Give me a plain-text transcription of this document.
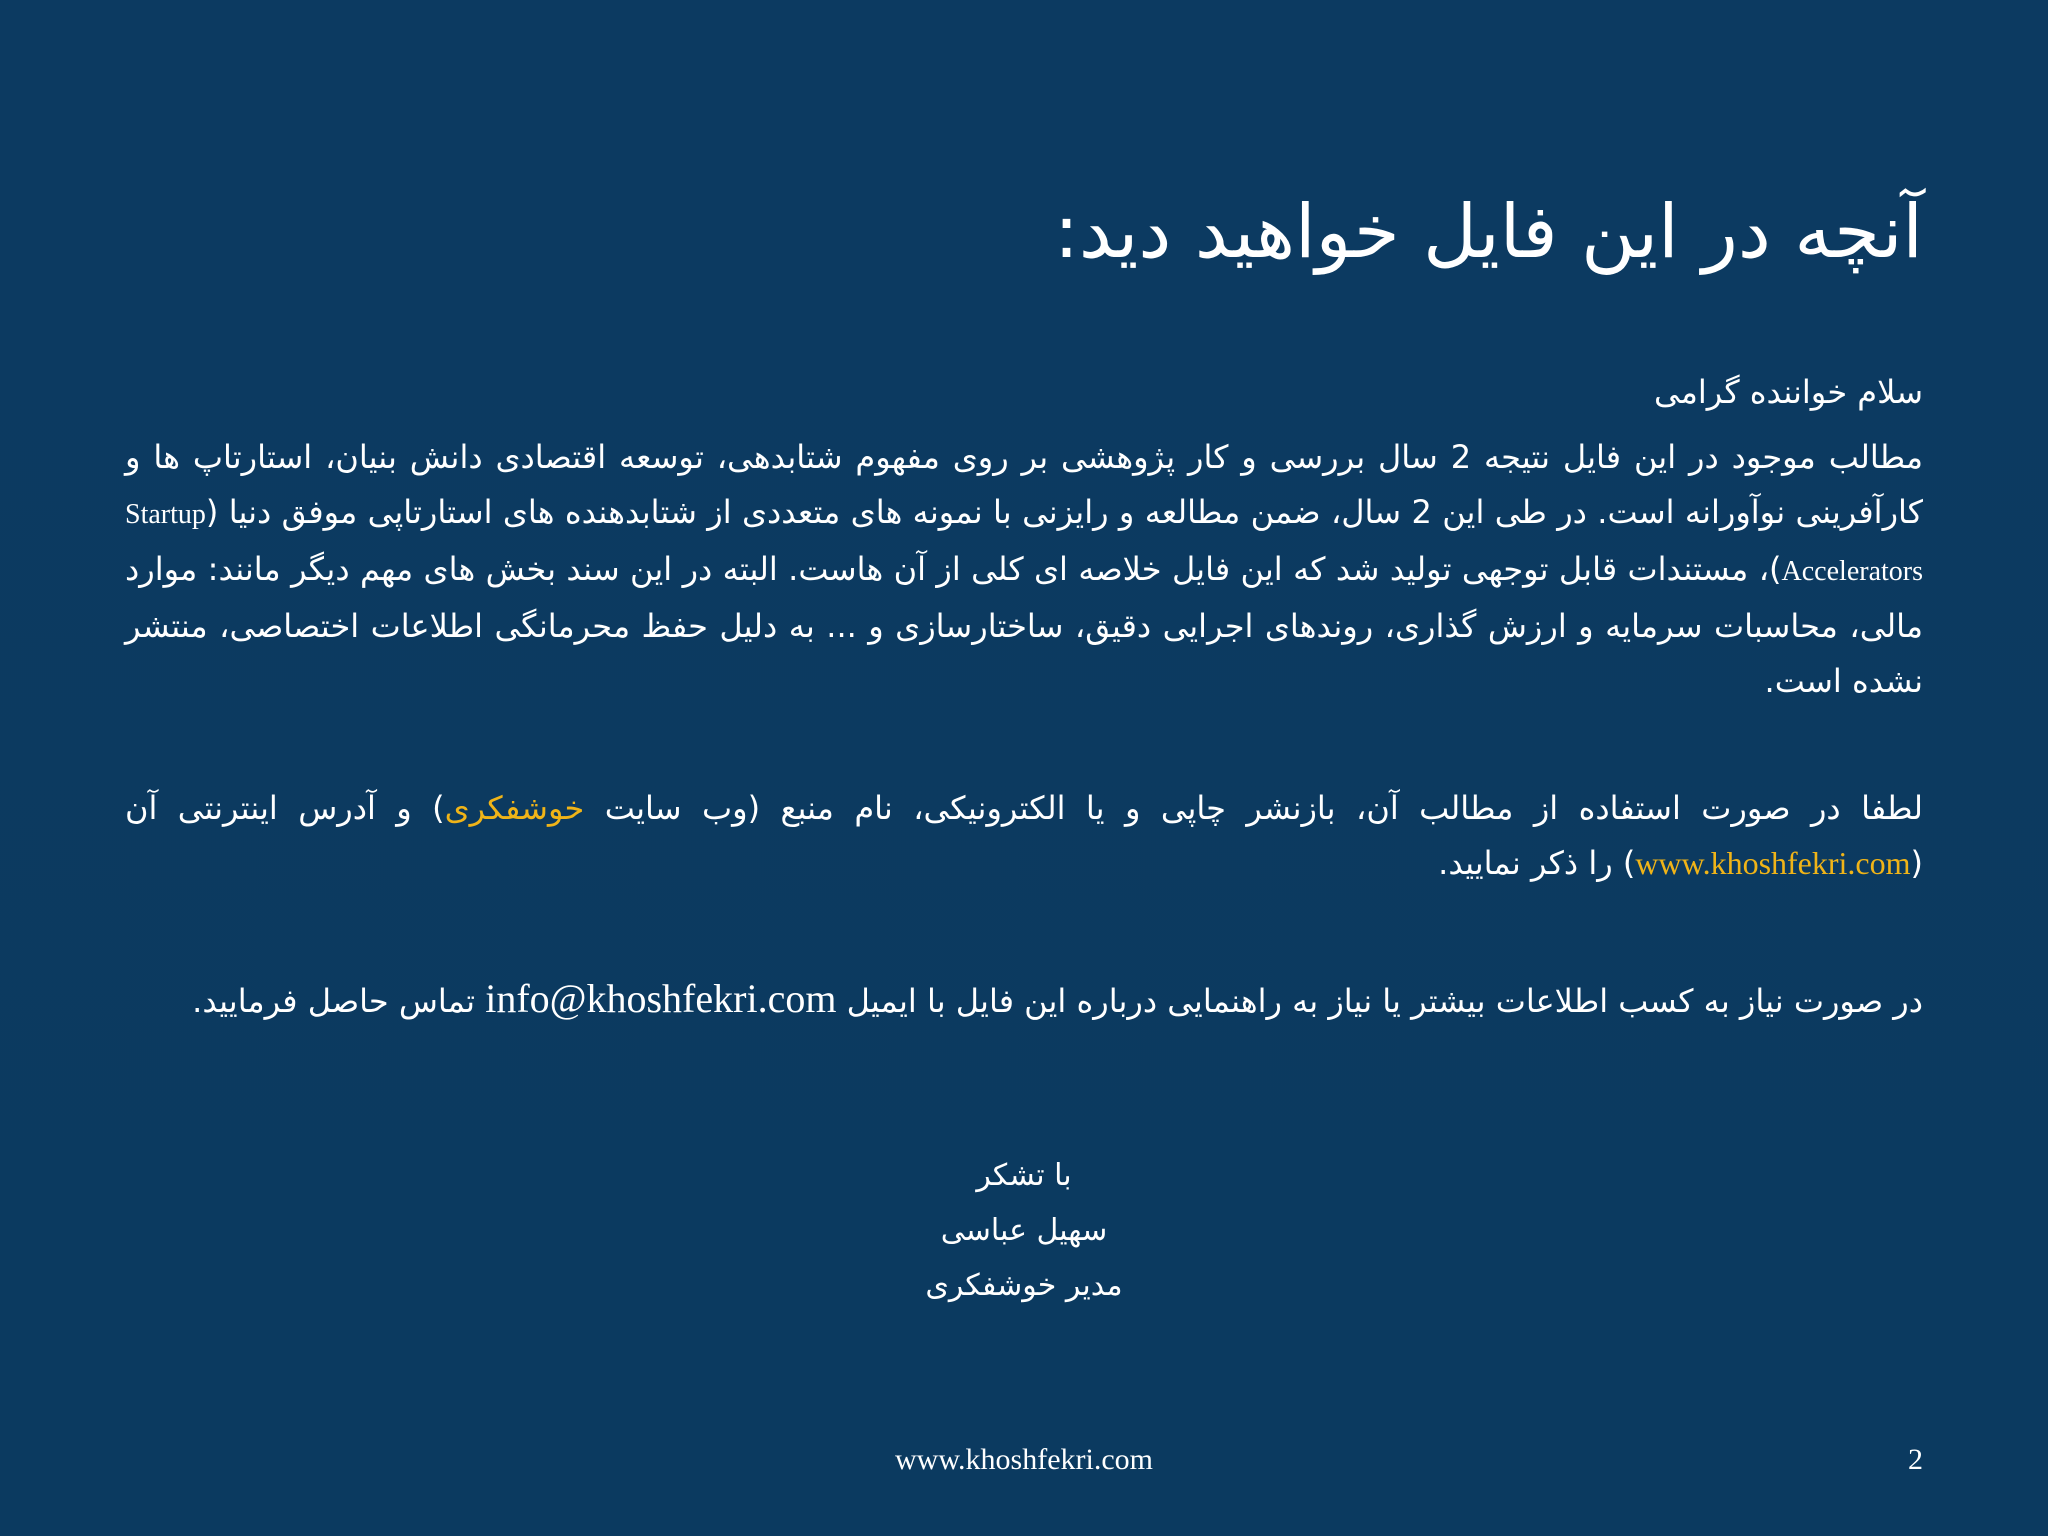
آنچه در این فایل خواهید دید:

سلام خواننده گرامی

مطالب موجود در این فایل نتیجه 2 سال بررسی و کار پژوهشی بر روی مفهوم شتابدهی، توسعه اقتصادی دانش بنیان، استارتاپ ها و کارآفرینی نوآورانه است. در طی این 2 سال، ضمن مطالعه و رایزنی با نمونه های متعددی از شتابدهنده های استارتاپی موفق دنیا (Startup Accelerators)، مستندات قابل توجهی تولید شد که این فایل خلاصه ای کلی از آن هاست. البته در این سند بخش های مهم دیگر مانند: موارد مالی، محاسبات سرمایه و ارزش گذاری، روندهای اجرایی دقیق، ساختارسازی و ... به دلیل حفظ محرمانگی اطلاعات اختصاصی، منتشر نشده است.

لطفا در صورت استفاده از مطالب آن، بازنشر چاپی و یا الکترونیکی، نام منبع (وب سایت خوشفکری) و آدرس اینترنتی آن (www.khoshfekri.com) را ذکر نمایید.

در صورت نیاز به کسب اطلاعات بیشتر یا نیاز به راهنمایی درباره این فایل با ایمیل info@khoshfekri.com تماس حاصل فرمایید.

با تشکر
سهیل عباسی
مدیر خوشفکری
www.khoshfekri.com	2
